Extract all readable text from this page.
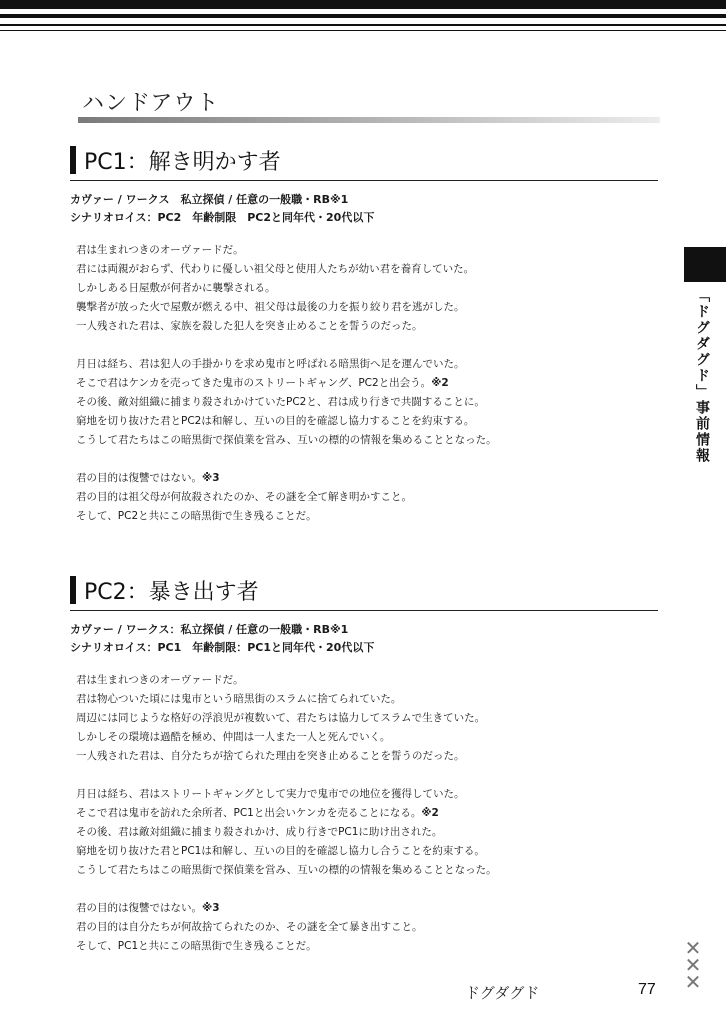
ハンドアウト
PC1：解き明かす者
カヴァー / ワークス　私立探偵 / 任意の一般職・RB※1
シナリオロイス：PC2　年齢制限　PC2と同年代・20代以下
君は生まれつきのオーヴァードだ。
君には両親がおらず、代わりに優しい祖父母と使用人たちが幼い君を養育していた。
しかしある日屋敷が何者かに襲撃される。
襲撃者が放った火で屋敷が燃える中、祖父母は最後の力を振り絞り君を逃がした。
一人残された君は、家族を殺した犯人を突き止めることを誓うのだった。
月日は経ち、君は犯人の手掛かりを求め鬼市と呼ばれる暗黒街へ足を運んでいた。
そこで君はケンカを売ってきた鬼市のストリートギャング、PC2と出会う。※2
その後、敵対組織に捕まり殺されかけていたPC2と、君は成り行きで共闘することに。
窮地を切り抜けた君とPC2は和解し、互いの目的を確認し協力することを約束する。
こうして君たちはこの暗黒街で探偵業を営み、互いの標的の情報を集めることとなった。
君の目的は復讐ではない。※3
君の目的は祖父母が何故殺されたのか、その謎を全て解き明かすこと。
そして、PC2と共にこの暗黒街で生き残ることだ。
PC2：暴き出す者
カヴァー / ワークス：私立探偵 / 任意の一般職・RB※1
シナリオロイス：PC1　年齢制限：PC1と同年代・20代以下
君は生まれつきのオーヴァードだ。
君は物心ついた頃には鬼市という暗黒街のスラムに捨てられていた。
周辺には同じような格好の浮浪児が複数いて、君たちは協力してスラムで生きていた。
しかしその環境は過酷を極め、仲間は一人また一人と死んでいく。
一人残された君は、自分たちが捨てられた理由を突き止めることを誓うのだった。
月日は経ち、君はストリートギャングとして実力で鬼市での地位を獲得していた。
そこで君は鬼市を訪れた余所者、PC1と出会いケンカを売ることになる。※2
その後、君は敵対組織に捕まり殺されかけ、成り行きでPC1に助け出された。
窮地を切り抜けた君とPC1は和解し、互いの目的を確認し協力し合うことを約束する。
こうして君たちはこの暗黒街で探偵業を営み、互いの標的の情報を集めることとなった。
君の目的は復讐ではない。※3
君の目的は自分たちが何故捨てられたのか、その謎を全て暴き出すこと。
そして、PC1と共にこの暗黒街で生き残ることだ。
「ドグダグド」事前情報
✕
✕
✕
ドグダグド	77
